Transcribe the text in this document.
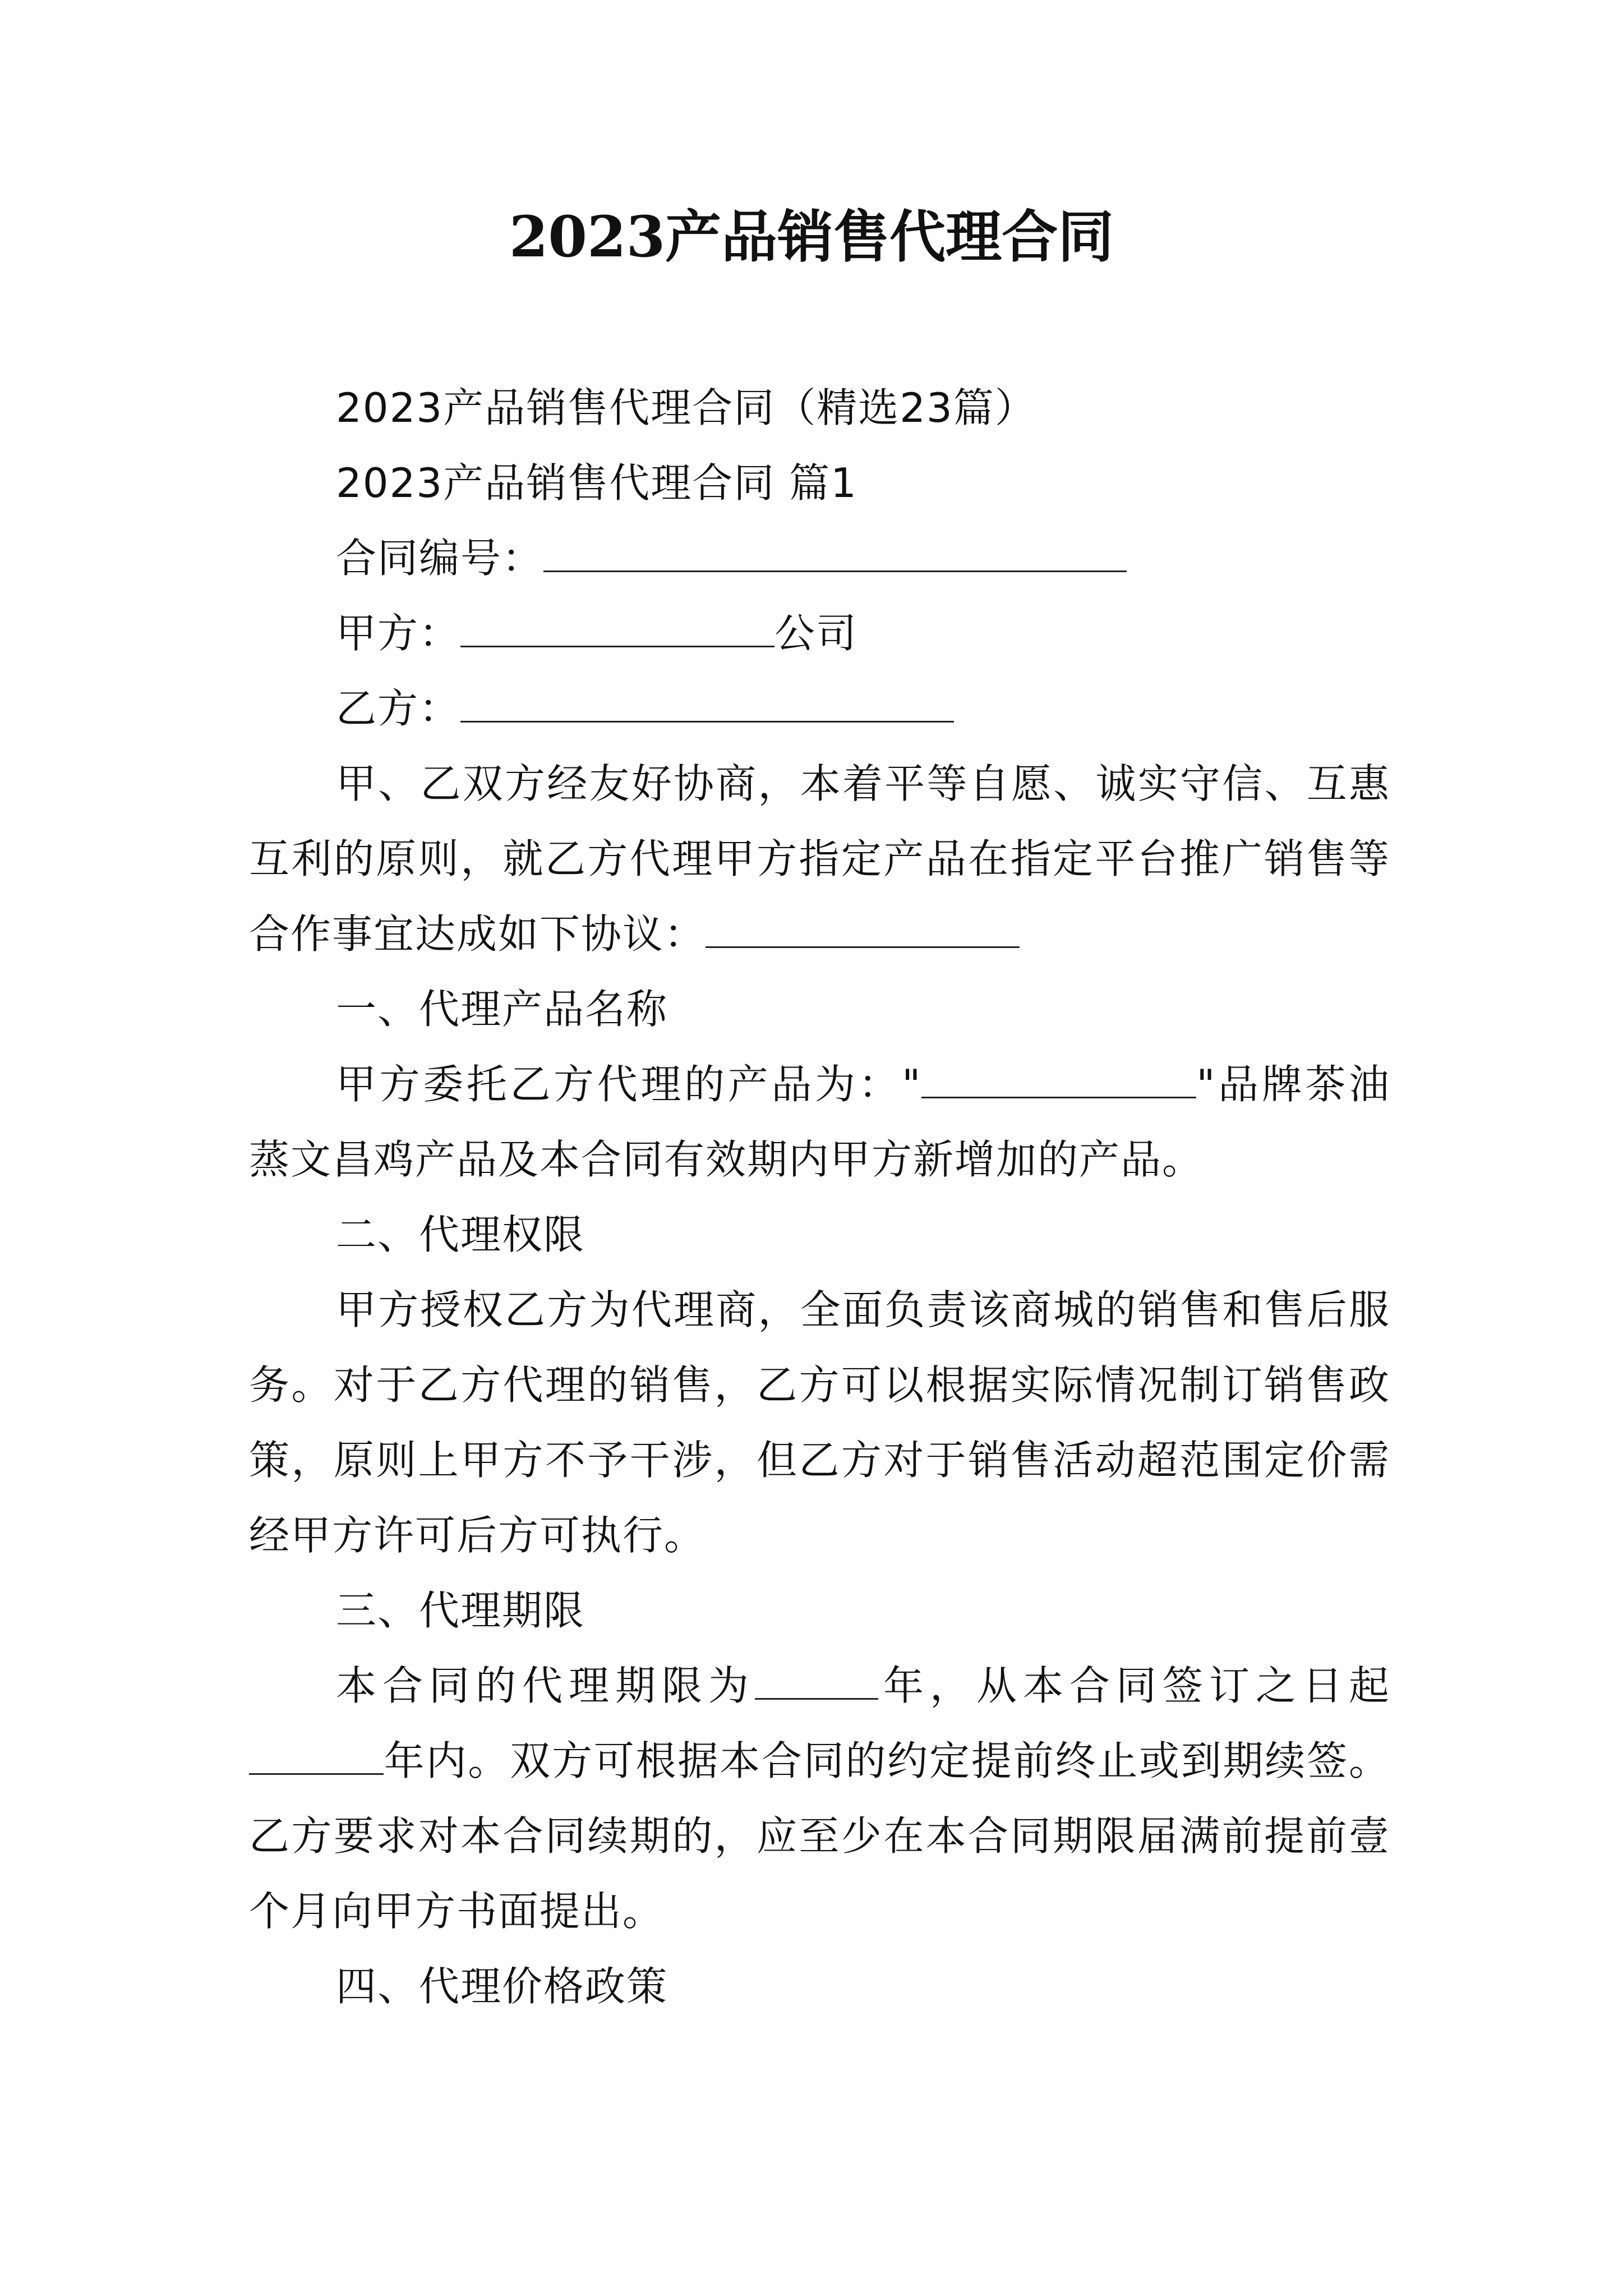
2023产品销售代理合同

2023产品销售代理合同（精选23篇）

2023产品销售代理合同 篇1

合同编号：

甲方：	公司

乙方：

甲、乙双方经友好协商，本着平等自愿、诚实守信、互惠互利的原则，就乙方代理甲方指定产品在指定平台推广销售等合作事宜达成如下协议：

一、代理产品名称

甲方委托乙方代理的产品为："	"品牌茶油蒸文昌鸡产品及本合同有效期内甲方新增加的产品。

二、代理权限

甲方授权乙方为代理商，全面负责该商城的销售和售后服务。对于乙方代理的销售，乙方可以根据实际情况制订销售政策，原则上甲方不予干涉，但乙方对于销售活动超范围定价需经甲方许可后方可执行。

三、代理期限

本合同的代理期限为	年，从本合同签订之日起年内。双方可根据本合同的约定提前终止或到期续签。乙方要求对本合同续期的，应至少在本合同期限届满前提前壹个月向甲方书面提出。

四、代理价格政策
